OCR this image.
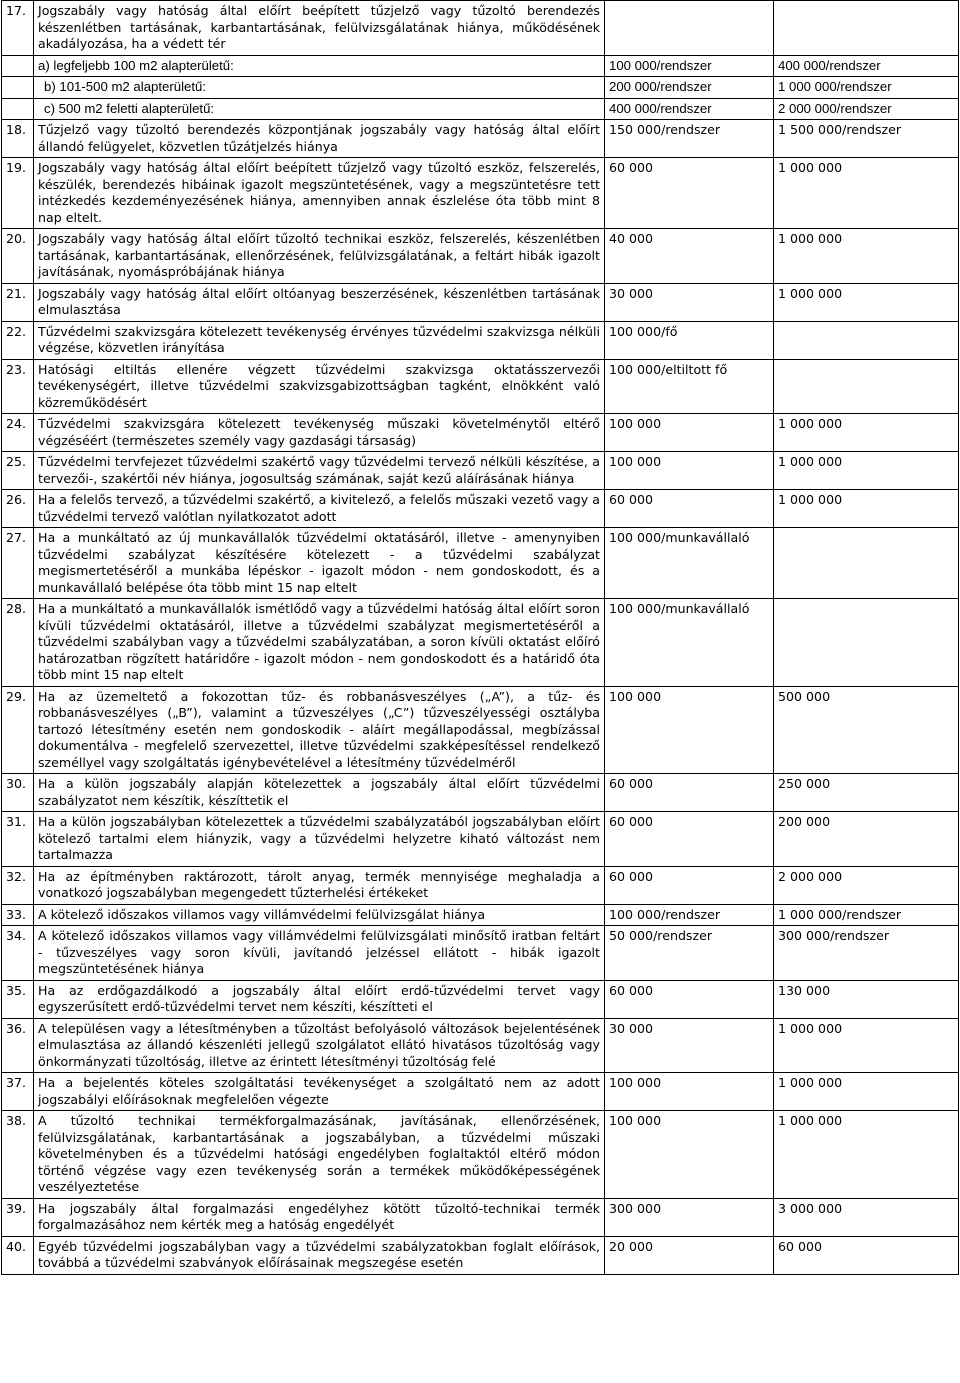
17.	Jogszabály vagy hatóság által előírt beépített tűzjelző vagy tűzoltó berendezés készenlétben tartásának, karbantartásának, felülvizsgálatának hiánya, működésének akadályozása, ha a védett tér		
	a) legfeljebb 100 m2 alapterületű:	100 000/rendszer	400 000/rendszer
	b) 101-500 m2 alapterületű:	200 000/rendszer	1 000 000/rendszer
	c) 500 m2 feletti alapterületű:	400 000/rendszer	2 000 000/rendszer
18.	Tűzjelző vagy tűzoltó berendezés központjának jogszabály vagy hatóság által előírt állandó felügyelet, közvetlen tűzátjelzés hiánya	150 000/rendszer	1 500 000/rendszer
19.	Jogszabály vagy hatóság által előírt beépített tűzjelző vagy tűzoltó eszköz, felszerelés, készülék, berendezés hibáinak igazolt megszüntetésének, vagy a megszüntetésre tett intézkedés kezdeményezésének hiánya, amennyiben annak észlelése óta több mint 8 nap eltelt.	60 000	1 000 000
20.	Jogszabály vagy hatóság által előírt tűzoltó technikai eszköz, felszerelés, készenlétben tartásának, karbantartásának, ellenőrzésének, felülvizsgálatának, a feltárt hibák igazolt javításának, nyomáspróbájának hiánya	40 000	1 000 000
21.	Jogszabály vagy hatóság által előírt oltóanyag beszerzésének, készenlétben tartásának elmulasztása	30 000	1 000 000
22.	Tűzvédelmi szakvizsgára kötelezett tevékenység érvényes tűzvédelmi szakvizsga nélküli végzése, közvetlen irányítása	100 000/fő	
23.	Hatósági eltiltás ellenére végzett tűzvédelmi szakvizsga oktatásszervezői tevékenységért, illetve tűzvédelmi szakvizsgabizottságban tagként, elnökként való közreműködésért	100 000/eltiltott fő	
24.	Tűzvédelmi szakvizsgára kötelezett tevékenység műszaki követelménytől eltérő végzéséért (természetes személy vagy gazdasági társaság)	100 000	1 000 000
25.	Tűzvédelmi tervfejezet tűzvédelmi szakértő vagy tűzvédelmi tervező nélküli készítése, a tervezői-, szakértői név hiánya, jogosultság számának, saját kezű aláírásának hiánya	100 000	1 000 000
26.	Ha a felelős tervező, a tűzvédelmi szakértő, a kivitelező, a felelős műszaki vezető vagy a tűzvédelmi tervező valótlan nyilatkozatot adott	60 000	1 000 000
27.	Ha a munkáltató az új munkavállalók tűzvédelmi oktatásáról, illetve - amenynyiben tűzvédelmi szabályzat készítésére kötelezett - a tűzvédelmi szabályzat megismertetéséről a munkába lépéskor - igazolt módon - nem gondoskodott, és a munkavállaló belépése óta több mint 15 nap eltelt	100 000/munkavállaló	
28.	Ha a munkáltató a munkavállalók ismétlődő vagy a tűzvédelmi hatóság által előírt soron kívüli tűzvédelmi oktatásáról, illetve a tűzvédelmi szabályzat megismertetéséről a tűzvédelmi szabályban vagy a tűzvédelmi szabályzatában, a soron kívüli oktatást előíró határozatban rögzített határidőre - igazolt módon - nem gondoskodott és a határidő óta több mint 15 nap eltelt	100 000/munkavállaló	
29.	Ha az üzemeltető a fokozottan tűz- és robbanásveszélyes („A”), a tűz- és robbanásveszélyes („B”), valamint a tűzveszélyes („C”) tűzveszélyességi osztályba tartozó létesítmény esetén nem gondoskodik - aláírt megállapodással, megbízással dokumentálva - megfelelő szervezettel, illetve tűzvédelmi szakképesítéssel rendelkező személlyel vagy szolgáltatás igénybevételével a létesítmény tűzvédelméről	100 000	500 000
30.	Ha a külön jogszabály alapján kötelezettek a jogszabály által előírt tűzvédelmi szabályzatot nem készítik, készíttetik el	60 000	250 000
31.	Ha a külön jogszabályban kötelezettek a tűzvédelmi szabályzatából jogszabályban előírt kötelező tartalmi elem hiányzik, vagy a tűzvédelmi helyzetre kiható változást nem tartalmazza	60 000	200 000
32.	Ha az építményben raktározott, tárolt anyag, termék mennyisége meghaladja a vonatkozó jogszabályban megengedett tűzterhelési értékeket	60 000	2 000 000
33.	A kötelező időszakos villamos vagy villámvédelmi felülvizsgálat hiánya	100 000/rendszer	1 000 000/rendszer
34.	A kötelező időszakos villamos vagy villámvédelmi felülvizsgálati minősítő iratban feltárt - tűzveszélyes vagy soron kívüli, javítandó jelzéssel ellátott - hibák igazolt megszüntetésének hiánya	50 000/rendszer	300 000/rendszer
35.	Ha az erdőgazdálkodó a jogszabály által előírt erdő-tűzvédelmi tervet vagy egyszerűsített erdő-tűzvédelmi tervet nem készíti, készítteti el	60 000	130 000
36.	A településen vagy a létesítményben a tűzoltást befolyásoló változások bejelentésének elmulasztása az állandó készenléti jellegű szolgálatot ellátó hivatásos tűzoltóság vagy önkormányzati tűzoltóság, illetve az érintett létesítményi tűzoltóság felé	30 000	1 000 000
37.	Ha a bejelentés köteles szolgáltatási tevékenységet a szolgáltató nem az adott jogszabályi előírásoknak megfelelően végezte	100 000	1 000 000
38.	A tűzoltó technikai termékforgalmazásának, javításának, ellenőrzésének, felülvizsgálatának, karbantartásának a jogszabályban, a tűzvédelmi műszaki követelményben és a tűzvédelmi hatósági engedélyben foglaltaktól eltérő módon történő végzése vagy ezen tevékenység során a termékek működőképességének veszélyeztetése	100 000	1 000 000
39.	Ha jogszabály által forgalmazási engedélyhez kötött tűzoltó-technikai termék forgalmazásához nem kérték meg a hatóság engedélyét	300 000	3 000 000
40.	Egyéb tűzvédelmi jogszabályban vagy a tűzvédelmi szabályzatokban foglalt előírások, továbbá a tűzvédelmi szabványok előírásainak megszegése esetén	20 000	60 000
